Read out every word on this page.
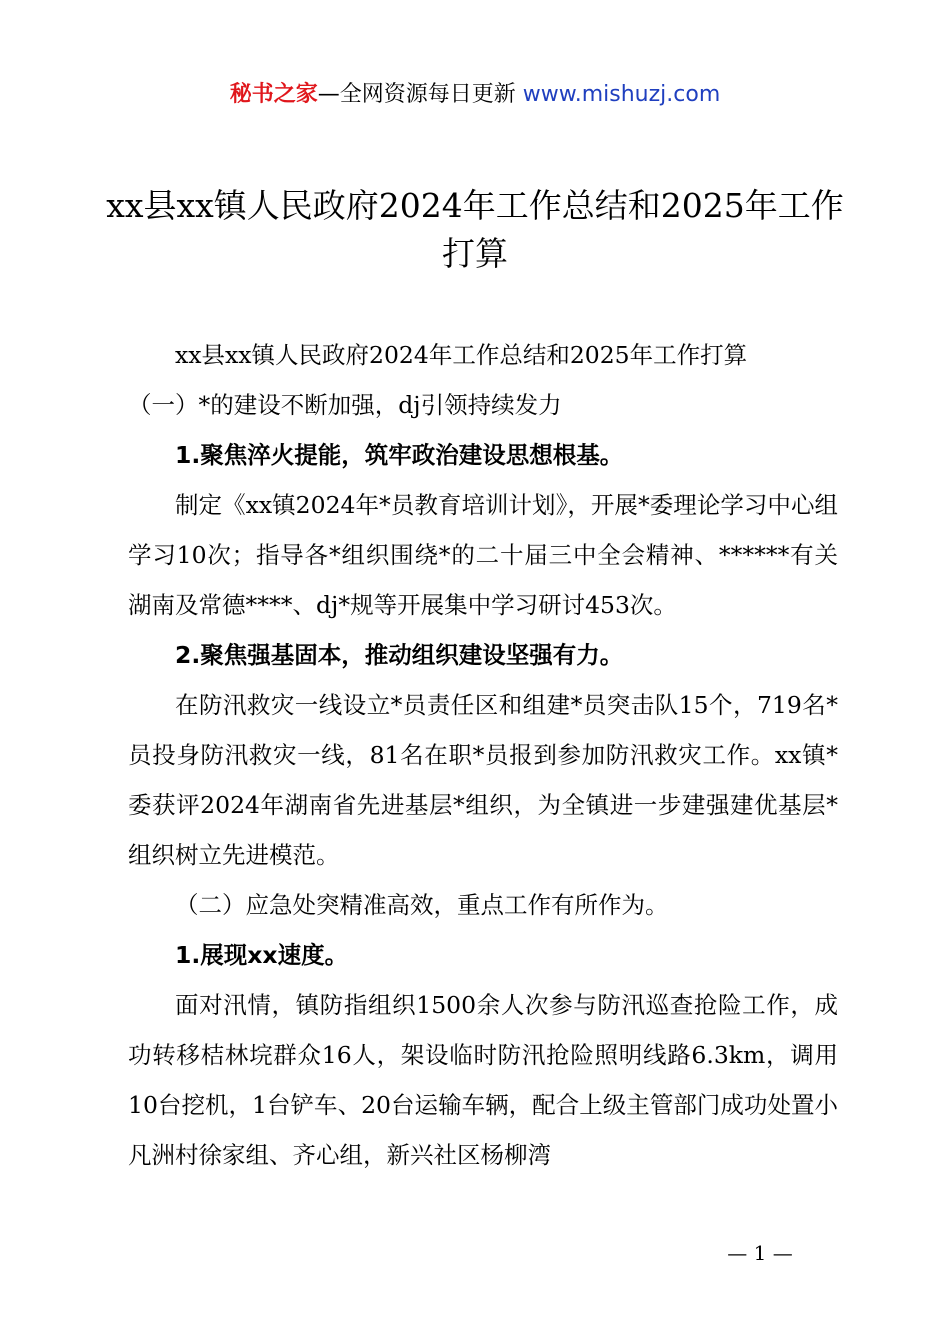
秘书之家—全网资源每日更新 www.mishuzj.com
xx县xx镇人民政府2024年工作总结和2025年工作打算

xx县xx镇人民政府2024年工作总结和2025年工作打算

（一）*的建设不断加强，dj引领持续发力

1.聚焦淬火提能，筑牢政治建设思想根基。

制定《xx镇2024年*员教育培训计划》，开展*委理论学习中心组学习10次；指导各*组织围绕*的二十届三中全会精神、******有关湖南及常德****、dj*规等开展集中学习研讨453次。

2.聚焦强基固本，推动组织建设坚强有力。

在防汛救灾一线设立*员责任区和组建*员突击队15个，719名*员投身防汛救灾一线，81名在职*员报到参加防汛救灾工作。xx镇*委获评2024年湖南省先进基层*组织，为全镇进一步建强建优基层*组织树立先进模范。

（二）应急处突精准高效，重点工作有所作为。

1.展现xx速度。

面对汛情，镇防指组织1500余人次参与防汛巡查抢险工作，成功转移桔林垸群众16人，架设临时防汛抢险照明线路6.3km，调用10台挖机，1台铲车、20台运输车辆，配合上级主管部门成功处置小凡洲村徐家组、齐心组，新兴社区杨柳湾

— 1 —
